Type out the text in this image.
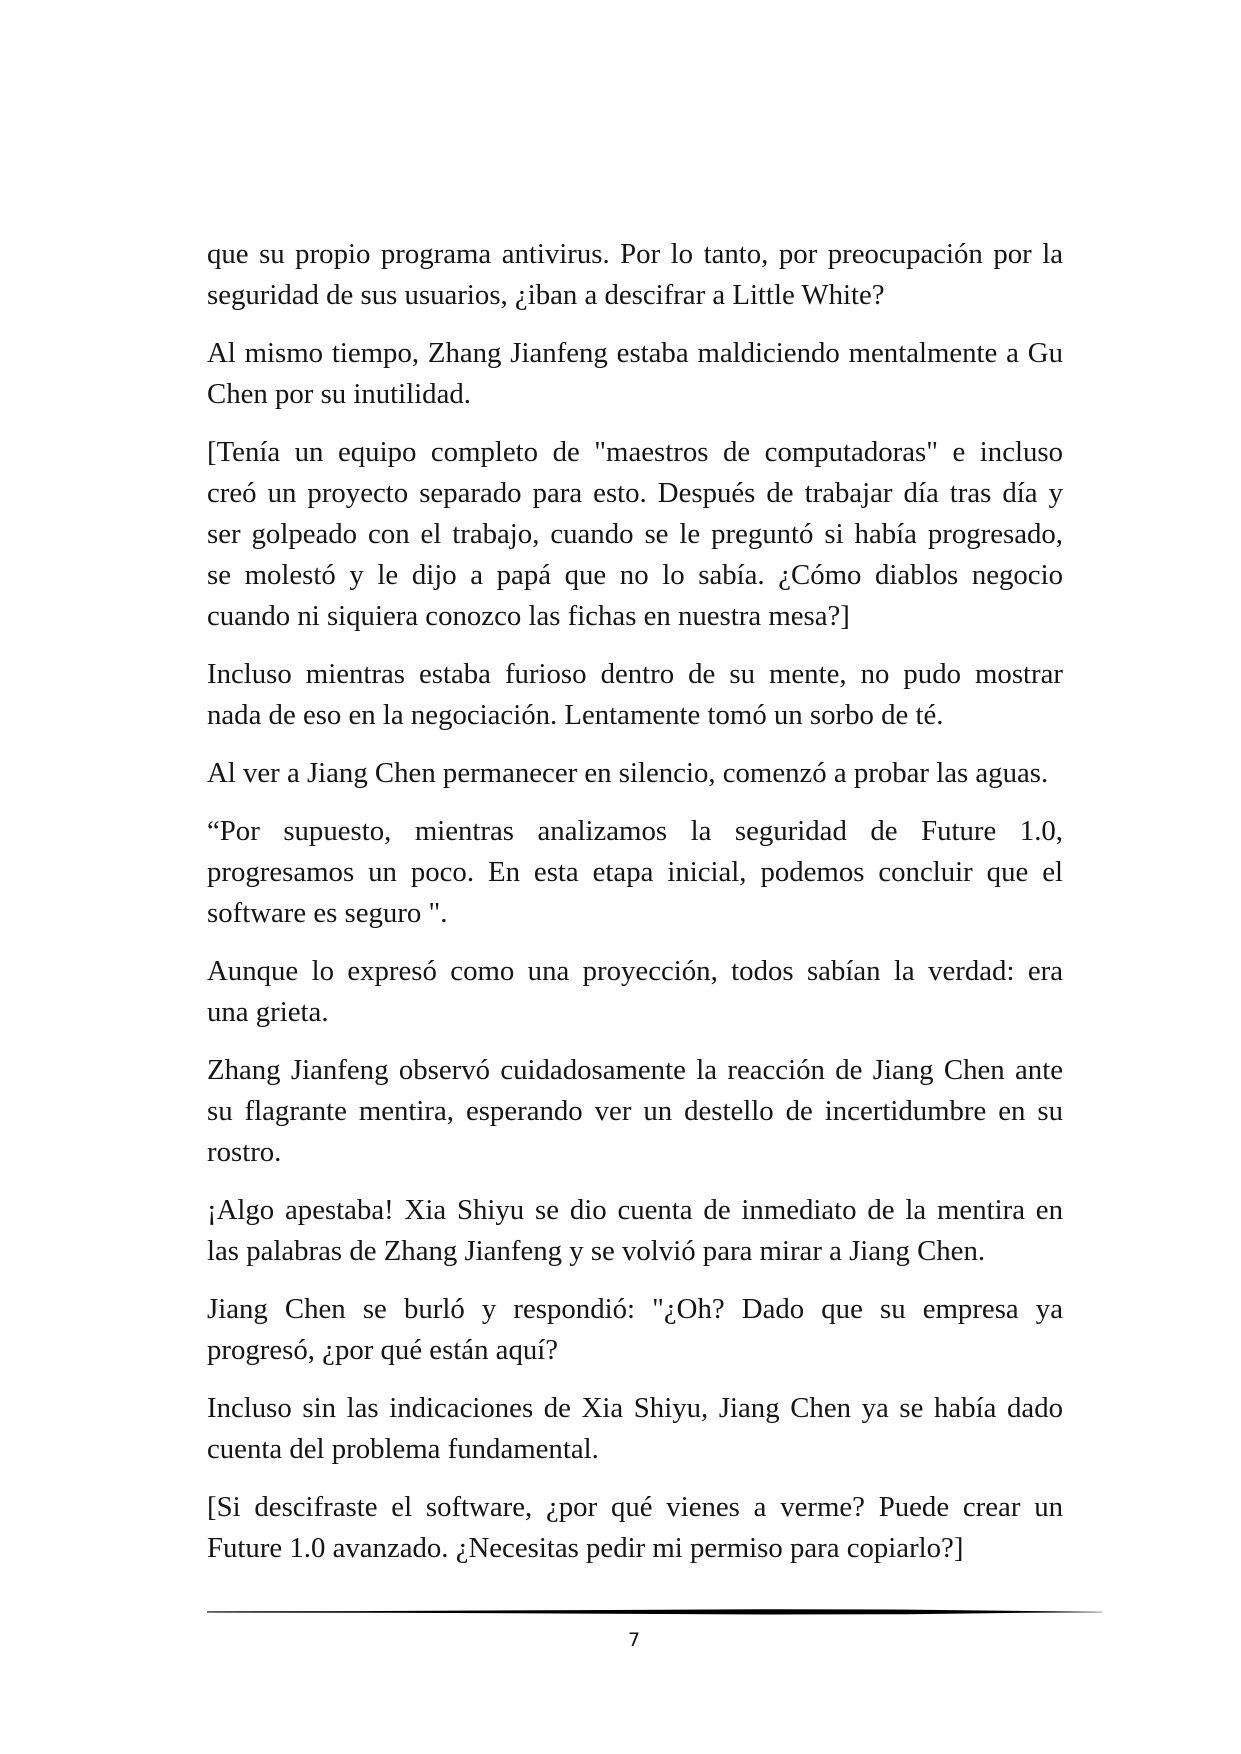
que su propio programa antivirus. Por lo tanto, por preocupación por la
seguridad de sus usuarios, ¿iban a descifrar a Little White?
Al mismo tiempo, Zhang Jianfeng estaba maldiciendo mentalmente a Gu
Chen por su inutilidad.
[Tenía un equipo completo de "maestros de computadoras" e incluso
creó un proyecto separado para esto. Después de trabajar día tras día y
ser golpeado con el trabajo, cuando se le preguntó si había progresado,
se molestó y le dijo a papá que no lo sabía. ¿Cómo diablos negocio
cuando ni siquiera conozco las fichas en nuestra mesa?]
Incluso mientras estaba furioso dentro de su mente, no pudo mostrar
nada de eso en la negociación. Lentamente tomó un sorbo de té.
Al ver a Jiang Chen permanecer en silencio, comenzó a probar las aguas.
“Por supuesto, mientras analizamos la seguridad de Future 1.0,
progresamos un poco. En esta etapa inicial, podemos concluir que el
software es seguro ".
Aunque lo expresó como una proyección, todos sabían la verdad: era
una grieta.
Zhang Jianfeng observó cuidadosamente la reacción de Jiang Chen ante
su flagrante mentira, esperando ver un destello de incertidumbre en su
rostro.
¡Algo apestaba! Xia Shiyu se dio cuenta de inmediato de la mentira en
las palabras de Zhang Jianfeng y se volvió para mirar a Jiang Chen.
Jiang Chen se burló y respondió: "¿Oh? Dado que su empresa ya
progresó, ¿por qué están aquí?
Incluso sin las indicaciones de Xia Shiyu, Jiang Chen ya se había dado
cuenta del problema fundamental.
[Si descifraste el software, ¿por qué vienes a verme? Puede crear un
Future 1.0 avanzado. ¿Necesitas pedir mi permiso para copiarlo?]
7
